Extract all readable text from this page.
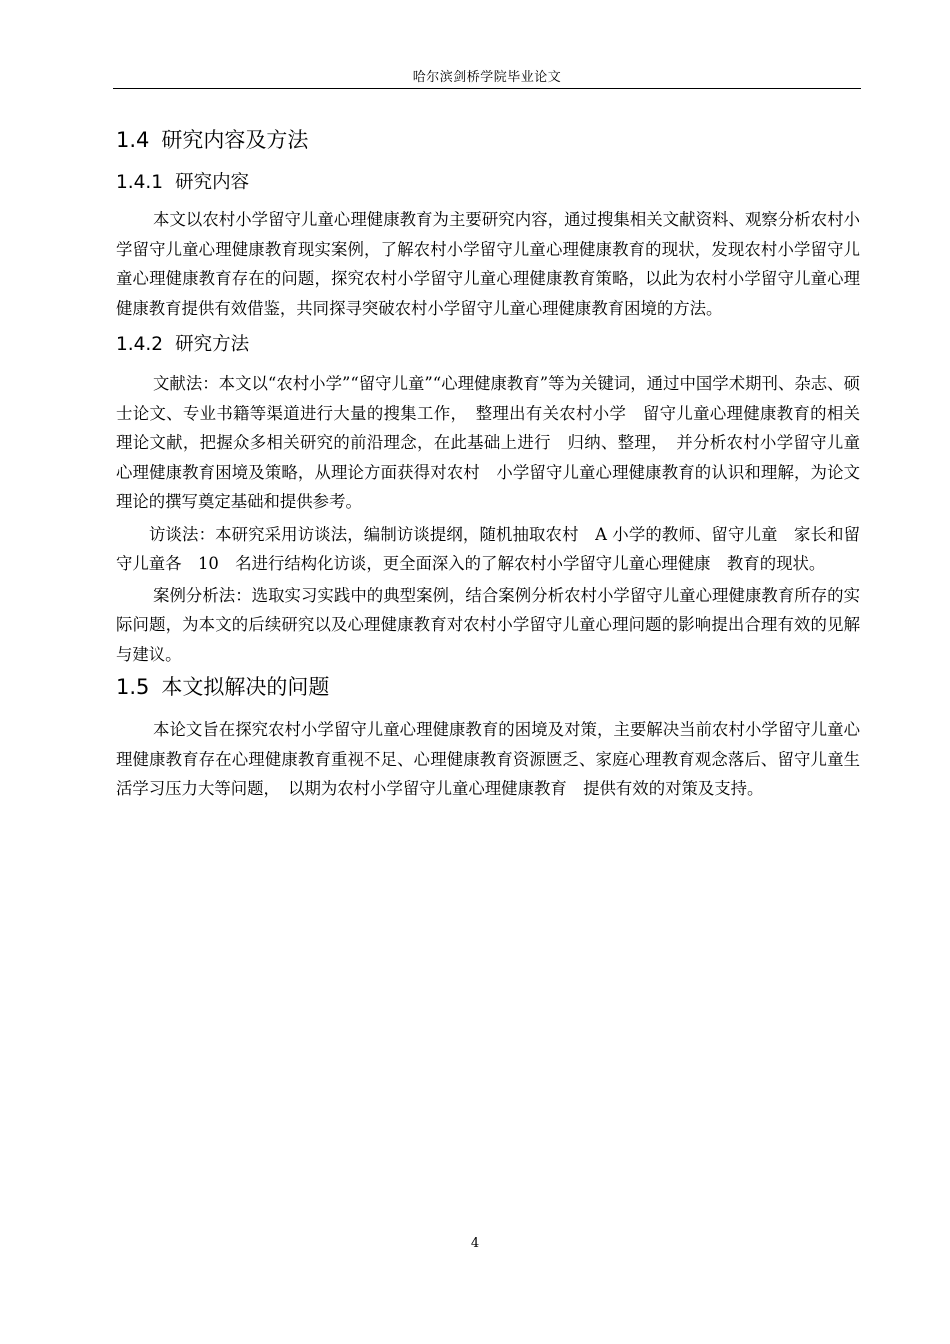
哈尔滨剑桥学院毕业论文
1.4 研究内容及方法
1.4.1 研究内容

本文以农村小学留守儿童心理健康教育为主要研究内容，通过搜集相关文献资料、观察分析农村小学留守儿童心理健康教育现实案例，了解农村小学留守儿童心理健康教育的现状，发现农村小学留守儿童心理健康教育存在的问题，探究农村小学留守儿童心理健康教育策略，以此为农村小学留守儿童心理健康教育提供有效借鉴，共同探寻突破农村小学留守儿童心理健康教育困境的方法。

1.4.2 研究方法

文献法：本文以“农村小学”“留守儿童”“心理健康教育”等为关键词，通过中国学术期刊、杂志、硕士论文、专业书籍等渠道进行大量的搜集工作，　整理出有关农村小学　留守儿童心理健康教育的相关理论文献，把握众多相关研究的前沿理念，在此基础上进行　归纳、整理，　并分析农村小学留守儿童心理健康教育困境及策略，从理论方面获得对农村　小学留守儿童心理健康教育的认识和理解，为论文理论的撰写奠定基础和提供参考。

访谈法：本研究采用访谈法，编制访谈提纲，随机抽取农村　A 小学的教师、留守儿童　家长和留守儿童各　10　名进行结构化访谈，更全面深入的了解农村小学留守儿童心理健康　教育的现状。

案例分析法：选取实习实践中的典型案例，结合案例分析农村小学留守儿童心理健康教育所存的实际问题，为本文的后续研究以及心理健康教育对农村小学留守儿童心理问题的影响提出合理有效的见解与建议。

1.5 本文拟解决的问题

本论文旨在探究农村小学留守儿童心理健康教育的困境及对策，主要解决当前农村小学留守儿童心理健康教育存在心理健康教育重视不足、心理健康教育资源匮乏、家庭心理教育观念落后、留守儿童生活学习压力大等问题，　以期为农村小学留守儿童心理健康教育　提供有效的对策及支持。

4
